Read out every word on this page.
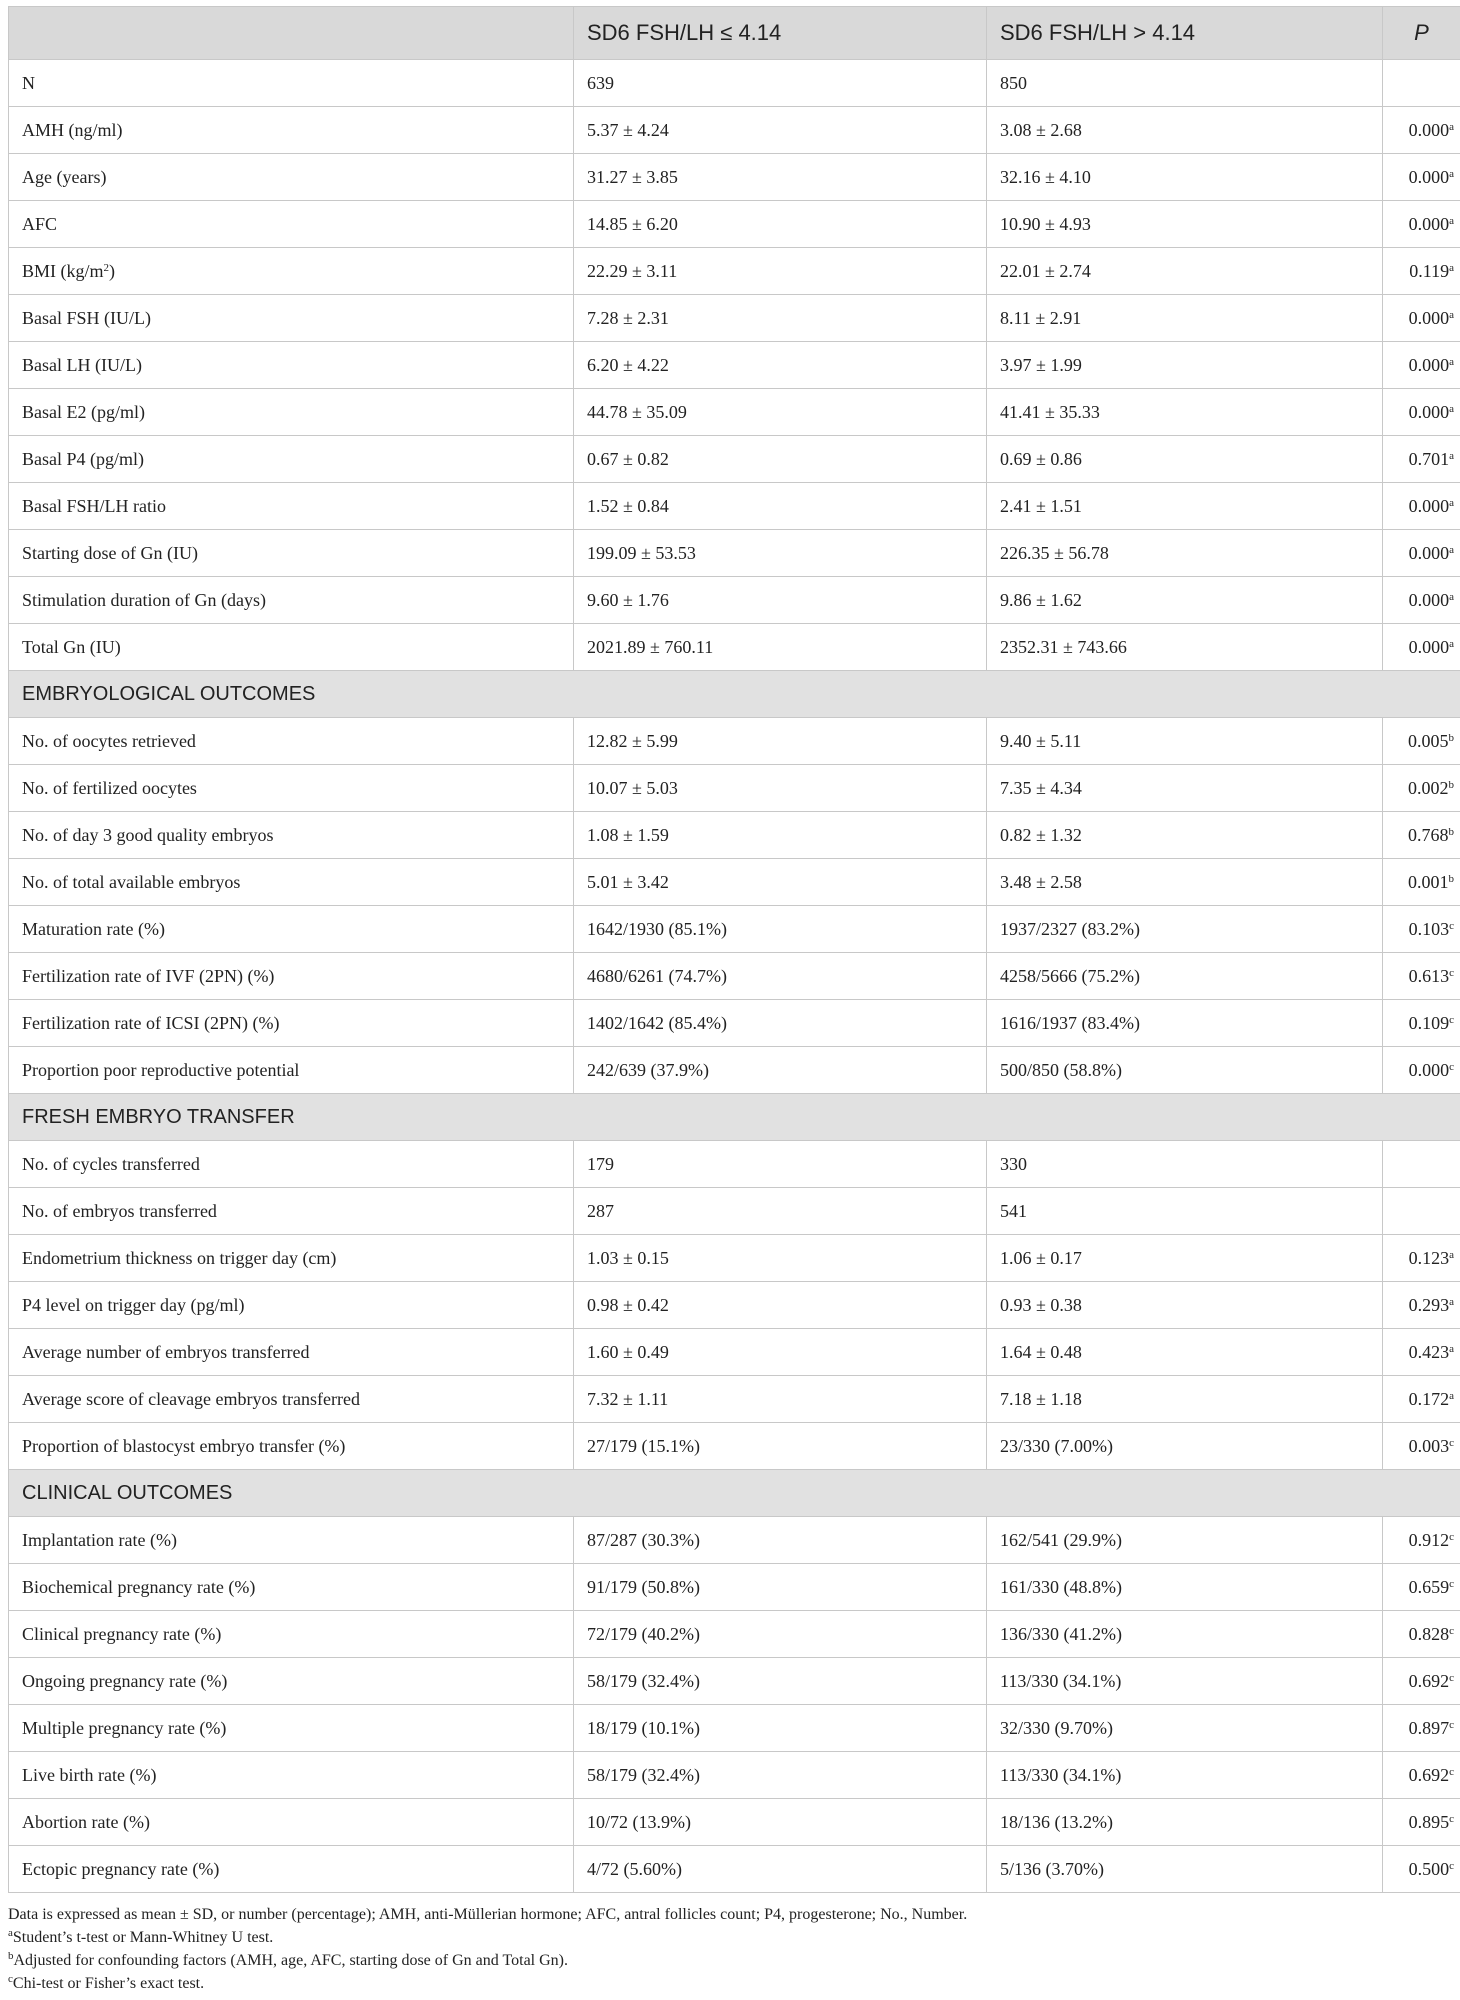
	SD6 FSH/LH ≤ 4.14	SD6 FSH/LH > 4.14	P
N	639	850	
AMH (ng/ml)	5.37 ± 4.24	3.08 ± 2.68	0.000$^a$
Age (years)	31.27 ± 3.85	32.16 ± 4.10	0.000$^a$
AFC	14.85 ± 6.20	10.90 ± 4.93	0.000$^a$
BMI $(kg/m^2)$	22.29 ± 3.11	22.01 ± 2.74	0.119$^a$
Basal FSH (IU/L)	7.28 ± 2.31	8.11 ± 2.91	0.000$^a$
Basal LH (IU/L)	6.20 ± 4.22	3.97 ± 1.99	0.000$^a$
Basal E2 (pg/ml)	44.78 ± 35.09	41.41 ± 35.33	0.000$^a$
Basal P4 (pg/ml)	0.67 ± 0.82	0.69 ± 0.86	0.701$^a$
Basal FSH/LH ratio	1.52 ± 0.84	2.41 ± 1.51	0.000$^a$
Starting dose of Gn (IU)	199.09 ± 53.53	226.35 ± 56.78	0.000$^a$
Stimulation duration of Gn (days)	9.60 ± 1.76	9.86 ± 1.62	0.000$^a$
Total Gn (IU)	2021.89 ± 760.11	2352.31 ± 743.66	0.000$^a$
EMBRYOLOGICAL OUTCOMES			
No. of oocytes retrieved	12.82 ± 5.99	9.40 ± 5.11	0.005$^b$
No. of fertilized oocytes	10.07 ± 5.03	7.35 ± 4.34	0.002$^b$
No. of day 3 good quality embryos	1.08 ± 1.59	0.82 ± 1.32	0.768$^b$
No. of total available embryos	5.01 ± 3.42	3.48 ± 2.58	0.001$^b$
Maturation rate (%)	1642/1930 (85.1%)	1937/2327 (83.2%)	0.103$^c$
Fertilization rate of IVF (2PN) (%)	4680/6261 (74.7%)	4258/5666 (75.2%)	0.613$^c$
Fertilization rate of ICSI (2PN) (%)	1402/1642 (85.4%)	1616/1937 (83.4%)	0.109$^c$
Proportion poor reproductive potential	242/639 (37.9%)	500/850 (58.8%)	0.000$^c$
FRESH EMBRYO TRANSFER			
No. of cycles transferred	179	330	
No. of embryos transferred	287	541	
Endometrium thickness on trigger day (cm)	1.03 ± 0.15	1.06 ± 0.17	0.123$^a$
P4 level on trigger day (pg/ml)	0.98 ± 0.42	0.93 ± 0.38	0.293$^a$
Average number of embryos transferred	1.60 ± 0.49	1.64 ± 0.48	0.423$^a$
Average score of cleavage embryos transferred	7.32 ± 1.11	7.18 ± 1.18	0.172$^a$
Proportion of blastocyst embryo transfer (%)	27/179 (15.1%)	23/330 (7.00%)	0.003$^c$
CLINICAL OUTCOMES			
Implantation rate (%)	87/287 (30.3%)	162/541 (29.9%)	0.912$^c$
Biochemical pregnancy rate (%)	91/179 (50.8%)	161/330 (48.8%)	0.659$^c$
Clinical pregnancy rate (%)	72/179 (40.2%)	136/330 (41.2%)	0.828$^c$
Ongoing pregnancy rate (%)	58/179 (32.4%)	113/330 (34.1%)	0.692$^c$
Multiple pregnancy rate (%)	18/179 (10.1%)	32/330 (9.70%)	0.897$^c$
Live birth rate (%)	58/179 (32.4%)	113/330 (34.1%)	0.692$^c$
Abortion rate (%)	10/72 (13.9%)	18/136 (13.2%)	0.895$^c$
Ectopic pregnancy rate (%)	4/72 (5.60%)	5/136 (3.70%)	0.500$^c$
Data is expressed as mean ± SD, or number (percentage); AMH, anti-Müllerian hormone; AFC, antral follicles count; P4, progesterone; No., Number.
$^a$Student’s t-test or Mann-Whitney U test.
$^b$Adjusted for confounding factors (AMH, age, AFC, starting dose of Gn and Total Gn).
$^c$Chi-test or Fisher’s exact test.
